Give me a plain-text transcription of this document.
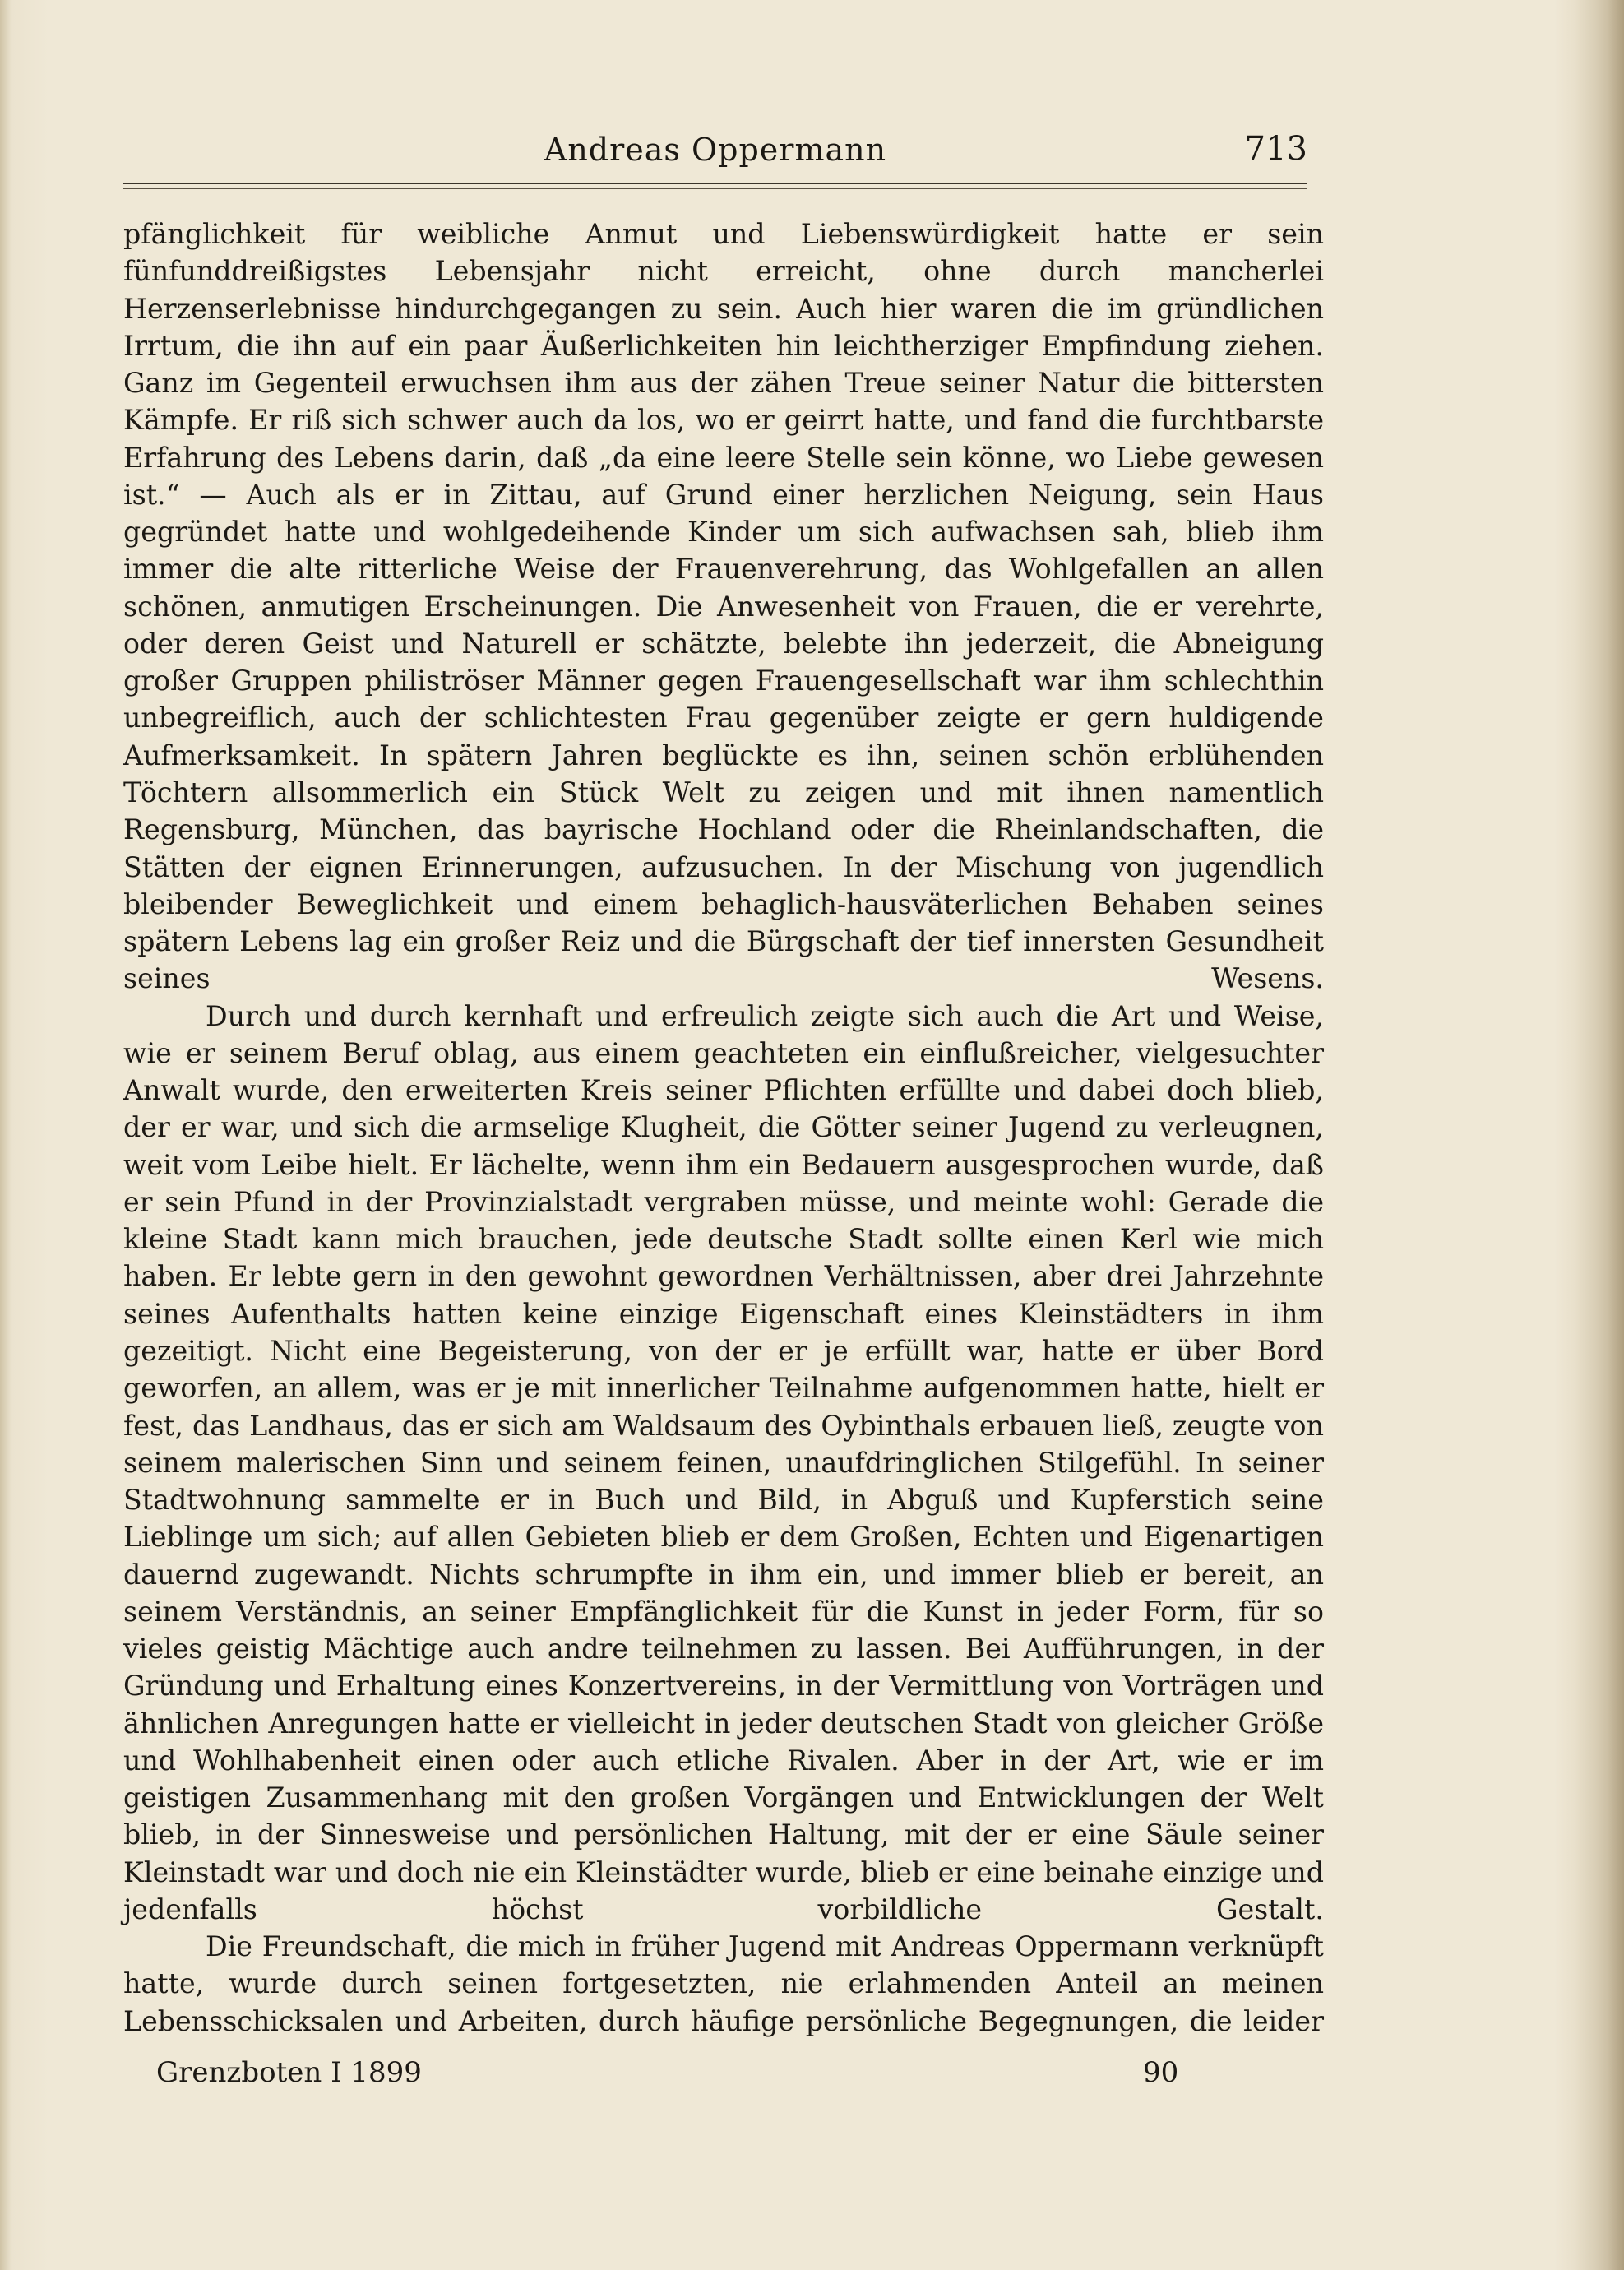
Andreas Oppermann	713

pfänglichkeit für weibliche Anmut und Liebenswürdigkeit hatte er sein fünfunddreißigstes Lebensjahr nicht erreicht, ohne durch mancherlei Herzenserlebnisse hindurchgegangen zu sein. Auch hier waren die im gründlichen Irrtum, die ihn auf ein paar Äußerlichkeiten hin leichtherziger Empfindung ziehen. Ganz im Gegenteil erwuchsen ihm aus der zähen Treue seiner Natur die bittersten Kämpfe. Er riß sich schwer auch da los, wo er geirrt hatte, und fand die furchtbarste Erfahrung des Lebens darin, daß „da eine leere Stelle sein könne, wo Liebe gewesen ist.“ — Auch als er in Zittau, auf Grund einer herzlichen Neigung, sein Haus gegründet hatte und wohlgedeihende Kinder um sich aufwachsen sah, blieb ihm immer die alte ritterliche Weise der Frauenverehrung, das Wohlgefallen an allen schönen, anmutigen Erscheinungen. Die Anwesenheit von Frauen, die er verehrte, oder deren Geist und Naturell er schätzte, belebte ihn jederzeit, die Abneigung großer Gruppen philiströser Männer gegen Frauengesellschaft war ihm schlechthin unbegreiflich, auch der schlichtesten Frau gegenüber zeigte er gern huldigende Aufmerksamkeit. In spätern Jahren beglückte es ihn, seinen schön erblühenden Töchtern allsommerlich ein Stück Welt zu zeigen und mit ihnen namentlich Regensburg, München, das bayrische Hochland oder die Rheinlandschaften, die Stätten der eignen Erinnerungen, aufzusuchen. In der Mischung von jugendlich bleibender Beweglichkeit und einem behaglich-hausväterlichen Behaben seines spätern Lebens lag ein großer Reiz und die Bürgschaft der tief innersten Gesundheit seines Wesens.

Durch und durch kernhaft und erfreulich zeigte sich auch die Art und Weise, wie er seinem Beruf oblag, aus einem geachteten ein einflußreicher, vielgesuchter Anwalt wurde, den erweiterten Kreis seiner Pflichten erfüllte und dabei doch blieb, der er war, und sich die armselige Klugheit, die Götter seiner Jugend zu verleugnen, weit vom Leibe hielt. Er lächelte, wenn ihm ein Bedauern ausgesprochen wurde, daß er sein Pfund in der Provinzialstadt vergraben müsse, und meinte wohl: Gerade die kleine Stadt kann mich brauchen, jede deutsche Stadt sollte einen Kerl wie mich haben. Er lebte gern in den gewohnt gewordnen Verhältnissen, aber drei Jahrzehnte seines Aufenthalts hatten keine einzige Eigenschaft eines Kleinstädters in ihm gezeitigt. Nicht eine Begeisterung, von der er je erfüllt war, hatte er über Bord geworfen, an allem, was er je mit innerlicher Teilnahme aufgenommen hatte, hielt er fest, das Landhaus, das er sich am Waldsaum des Oybinthals erbauen ließ, zeugte von seinem malerischen Sinn und seinem feinen, unaufdringlichen Stilgefühl. In seiner Stadtwohnung sammelte er in Buch und Bild, in Abguß und Kupferstich seine Lieblinge um sich; auf allen Gebieten blieb er dem Großen, Echten und Eigenartigen dauernd zugewandt. Nichts schrumpfte in ihm ein, und immer blieb er bereit, an seinem Verständnis, an seiner Empfänglichkeit für die Kunst in jeder Form, für so vieles geistig Mächtige auch andre teilnehmen zu lassen. Bei Aufführungen, in der Gründung und Erhaltung eines Konzertvereins, in der Vermittlung von Vorträgen und ähnlichen Anregungen hatte er vielleicht in jeder deutschen Stadt von gleicher Größe und Wohlhabenheit einen oder auch etliche Rivalen. Aber in der Art, wie er im geistigen Zusammenhang mit den großen Vorgängen und Entwicklungen der Welt blieb, in der Sinnesweise und persönlichen Haltung, mit der er eine Säule seiner Kleinstadt war und doch nie ein Kleinstädter wurde, blieb er eine beinahe einzige und jedenfalls höchst vorbildliche Gestalt.

Die Freundschaft, die mich in früher Jugend mit Andreas Oppermann verknüpft hatte, wurde durch seinen fortgesetzten, nie erlahmenden Anteil an meinen Lebensschicksalen und Arbeiten, durch häufige persönliche Begegnungen, die leider

Grenzboten I 1899	90
